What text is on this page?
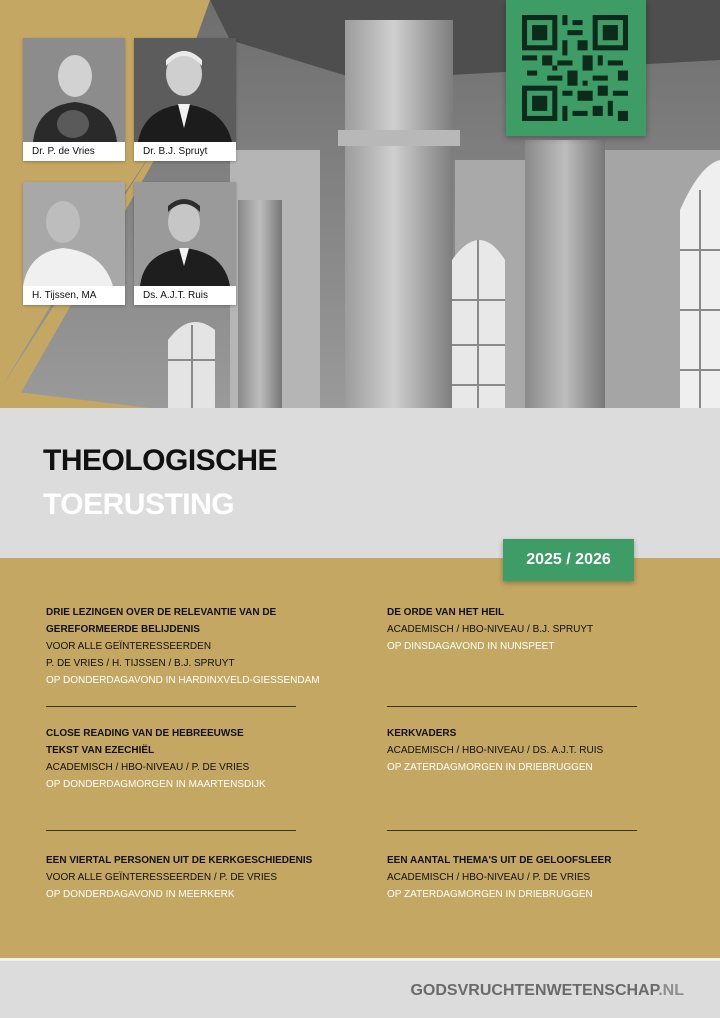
Dr. P. de Vries	Dr. B.J. Spruyt
H. Tijssen, MA	Ds. A.J.T. Ruis
THEOLOGISCHE
TOERUSTING
2025 / 2026
DRIE LEZINGEN OVER DE RELEVANTIE VAN DE
GEREFORMEERDE BELIJDENIS
VOOR ALLE GEÏNTERESSEERDEN
P. DE VRIES / H. TIJSSEN / B.J. SPRUYT
OP DONDERDAGAVOND IN HARDINXVELD-GIESSENDAM
DE ORDE VAN HET HEIL
ACADEMISCH / HBO-NIVEAU / B.J. SPRUYT
OP DINSDAGAVOND IN NUNSPEET
CLOSE READING VAN DE HEBREEUWSE
TEKST VAN EZECHIËL
ACADEMISCH / HBO-NIVEAU / P. DE VRIES
OP DONDERDAGMORGEN IN MAARTENSDIJK
KERKVADERS
ACADEMISCH / HBO-NIVEAU / DS. A.J.T. RUIS
OP ZATERDAGMORGEN IN DRIEBRUGGEN
EEN VIERTAL PERSONEN UIT DE KERKGESCHIEDENIS
VOOR ALLE GEÏNTERESSEERDEN / P. DE VRIES
OP DONDERDAGAVOND IN MEERKERK
EEN AANTAL THEMA'S UIT DE GELOOFSLEER
ACADEMISCH / HBO-NIVEAU / P. DE VRIES
OP ZATERDAGMORGEN IN DRIEBRUGGEN
GODSVRUCHTENWETENSCHAP.NL
